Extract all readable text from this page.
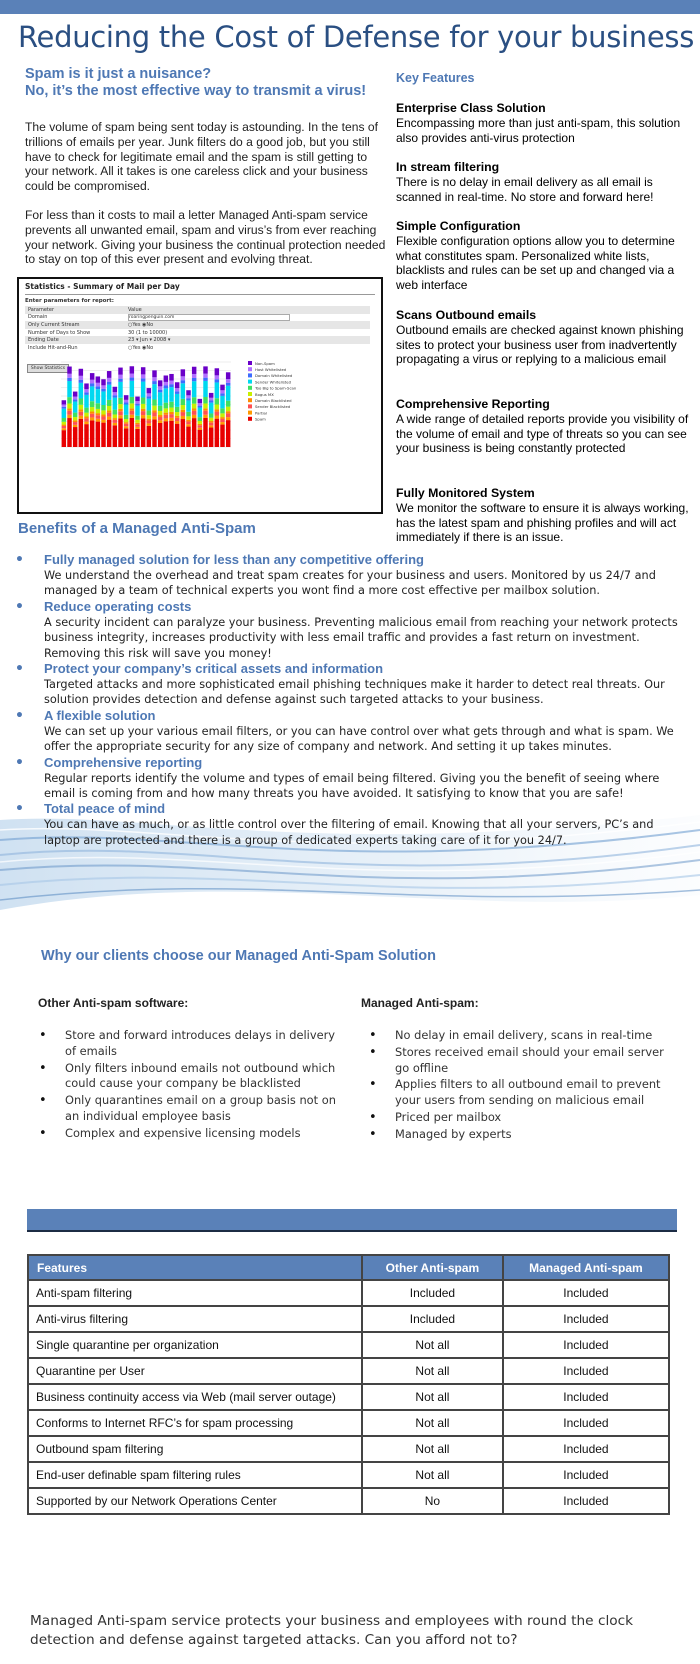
Reducing the Cost of Defense for your business
Spam is it just a nuisance?
No, it’s the most effective way to transmit a virus!

The volume of spam being sent today is astounding. In the tens of trillions of emails per year. Junk filters do a good job, but you still have to check for legitimate email and the spam is still getting to your network. All it takes is one careless click and your business could be compromised.

For less than it costs to mail a letter Managed Anti-spam service prevents all unwanted email, spam and virus’s from ever reaching your network. Giving your business the continual protection needed to stay on top of this ever present and evolving threat.

Statistics - Summary of Mail per Day
Enter parameters for report:
Parameter	Value
Domain	roaringpenguin.com
Only Current Stream	○Yes ◉No
Number of Days to Show	30 (1 to 10000)
Ending Date	23 ▾ Jun ▾ 2008 ▾
Include Hit-and-Run	○Yes ◉No
Show Statistics
Non-Spam
Host Whitelisted
Domain Whitelisted
Sender Whitelisted
Too Big to Spam-Scan
Bogus MX
Domain Blacklisted
Sender Blacklisted
Partial
Spam
Benefits of a Managed Anti-Spam
Key Features
Enterprise Class Solution
Encompassing more than just anti-spam, this solution also provides anti-virus protection
In stream filtering
There is no delay in email delivery as all email is scanned in real-time. No store and forward here!
Simple Configuration
Flexible configuration options allow you to determine what constitutes spam. Personalized white lists, blacklists and rules can be set up and changed via a web interface
Scans Outbound emails
Outbound emails are checked against known phishing sites to protect your business user from inadvertently propagating a virus or replying to a malicious email
Comprehensive Reporting
A wide range of detailed reports provide you visibility of the volume of email and type of threats so you can see your business is being constantly protected
Fully Monitored System
We monitor the software to ensure it is always working, has the latest spam and phishing profiles and will act immediately if there is an issue.
• Fully managed solution for less than any competitive offering
We understand the overhead and treat spam creates for your business and users. Monitored by us 24/7 and managed by a team of technical experts you wont find a more cost effective per mailbox solution.
• Reduce operating costs
A security incident can paralyze your business. Preventing malicious email from reaching your network protects business integrity, increases productivity with less email traffic and provides a fast return on investment. Removing this risk will save you money!
• Protect your company’s critical assets and information
Targeted attacks and more sophisticated email phishing techniques make it harder to detect real threats. Our solution provides detection and defense against such targeted attacks to your business.
• A flexible solution
We can set up your various email filters, or you can have control over what gets through and what is spam. We offer the appropriate security for any size of company and network. And setting it up takes minutes.
• Comprehensive reporting
Regular reports identify the volume and types of email being filtered. Giving you the benefit of seeing where email is coming from and how many threats you have avoided. It satisfying to know that you are safe!
• Total peace of mind
You can have as much, or as little control over the filtering of email. Knowing that all your servers, PC’s and laptop are protected and there is a group of dedicated experts taking care of it for you 24/7.
Why our clients choose our Managed Anti-Spam Solution
Other Anti-spam software:
• Store and forward introduces delays in delivery of emails
• Only filters inbound emails not outbound which could cause your company be blacklisted
• Only quarantines email on a group basis not on an individual employee basis
• Complex and expensive licensing models
Managed Anti-spam:
• No delay in email delivery, scans in real-time
• Stores received email should your email server go offline
• Applies filters to all outbound email to prevent your users from sending on malicious email
• Priced per mailbox
• Managed by experts
Features	Other Anti-spam	Managed Anti-spam
Anti-spam filtering	Included	Included
Anti-virus filtering	Included	Included
Single quarantine per organization	Not all	Included
Quarantine per User	Not all	Included
Business continuity access via Web (mail server outage)	Not all	Included
Conforms to Internet RFC’s for spam processing	Not all	Included
Outbound spam filtering	Not all	Included
End-user definable spam filtering rules	Not all	Included
Supported by our Network Operations Center	No	Included

Managed Anti-spam service protects your business and employees with round the clock detection and defense against targeted attacks. Can you afford not to?
